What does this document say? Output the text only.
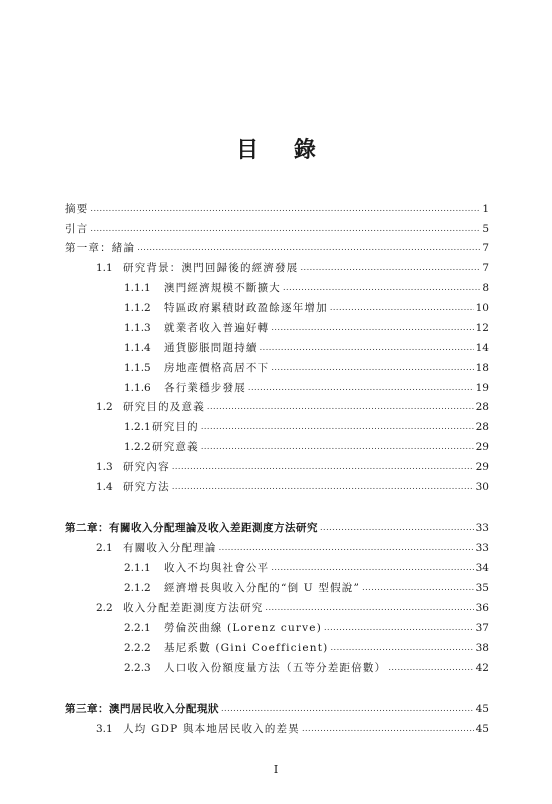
目 錄
摘要 .....	1
引言 .....	5
第一章：緒論 .....	7
1.1 研究背景：澳門回歸後的經濟發展 .....	7
1.1.1	澳門經濟規模不斷擴大 .....	8
1.1.2	特區政府累積財政盈餘逐年增加 .....	10
1.1.3	就業者收入普遍好轉 .....	12
1.1.4	通貨膨脹問題持續 .....	14
1.1.5	房地產價格高居不下 .....	18
1.1.6	各行業穩步發展 .....	19
1.2 研究目的及意義 .....	28
1.2.1 研究目的 .....	28
1.2.2 研究意義 .....	29
1.3 研究內容 .....	29
1.4 研究方法 .....	30
第二章：有關收入分配理論及收入差距測度方法研究 .....	33
2.1 有關收入分配理論 .....	33
2.1.1	收入不均與社會公平 .....	34
2.1.2	經濟增長與收入分配的“倒 U 型假說” .....	35
2.2 收入分配差距測度方法研究 .....	36
2.2.1	勞倫茨曲線 (Lorenz curve) .....	37
2.2.2	基尼系數 (Gini Coefficient) .....	38
2.2.3	人口收入份額度量方法（五等分差距倍數） .....	42
第三章：澳門居民收入分配現狀 .....	45
3.1 人均 GDP 與本地居民收入的差異 .....	45
I
